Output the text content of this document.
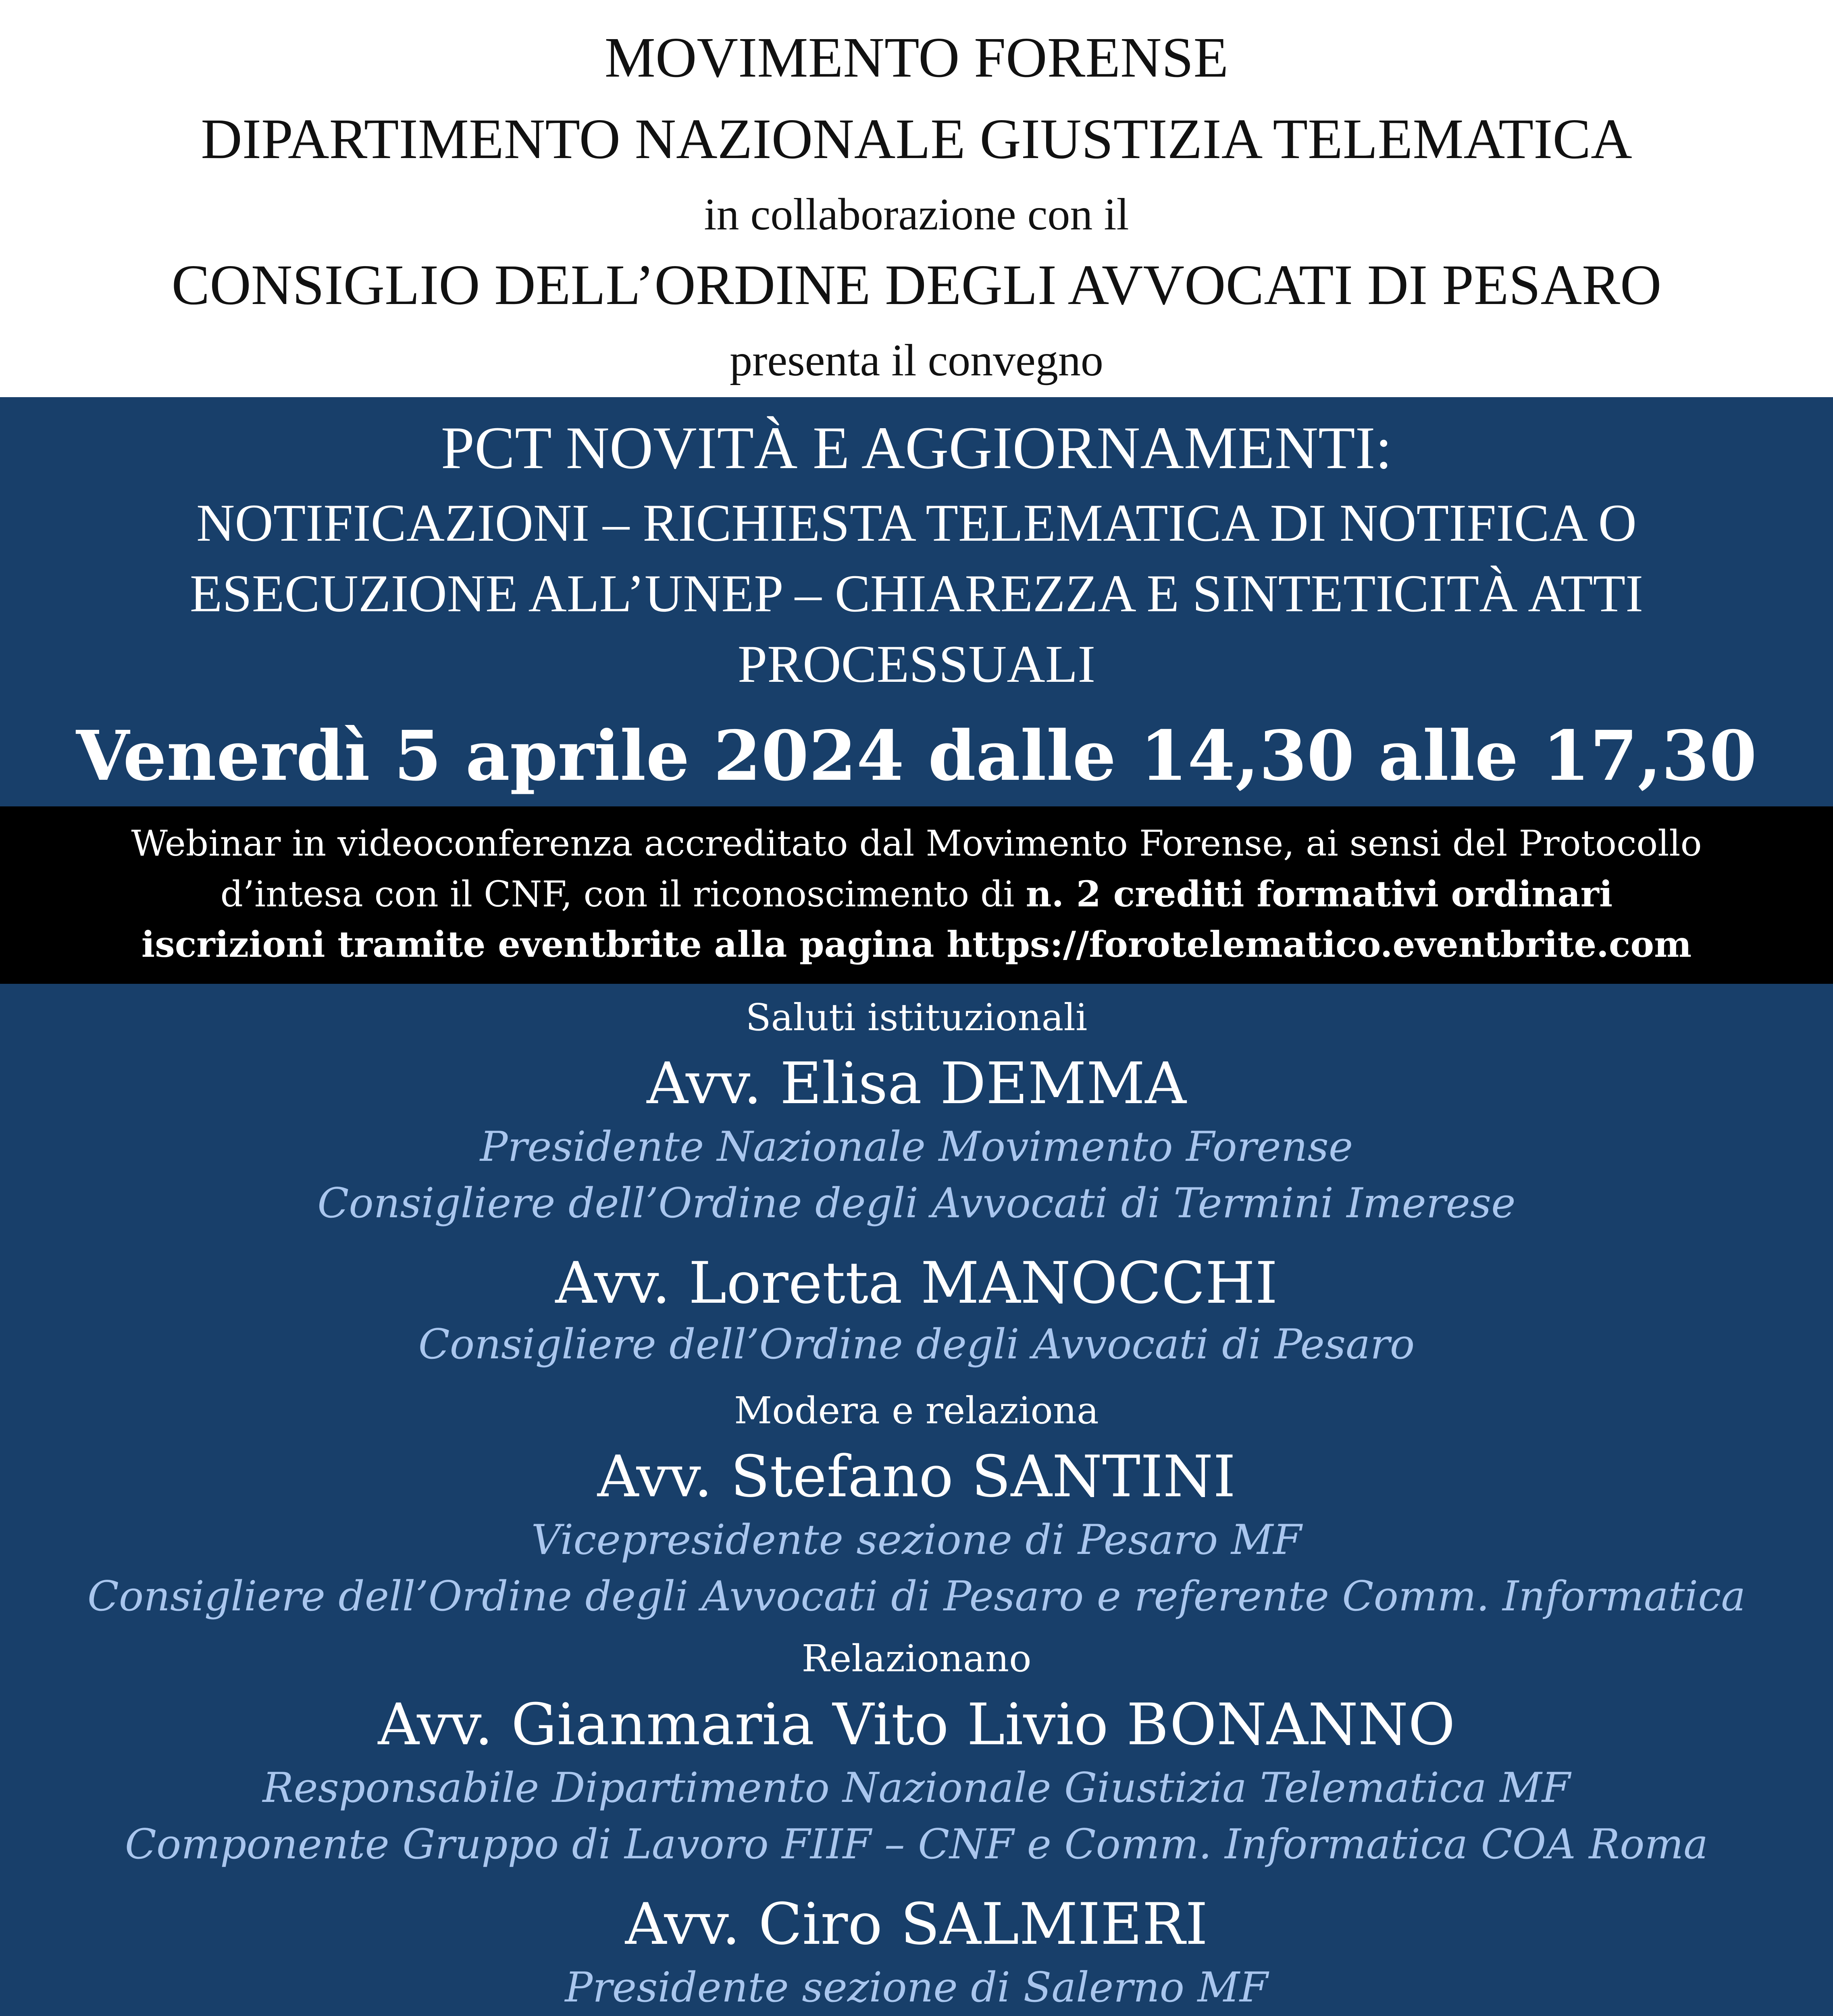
MOVIMENTO FORENSE
DIPARTIMENTO NAZIONALE GIUSTIZIA TELEMATICA
in collaborazione con il
CONSIGLIO DELL’ORDINE DEGLI AVVOCATI DI PESARO
presenta il convegno
PCT NOVITÀ E AGGIORNAMENTI:
NOTIFICAZIONI – RICHIESTA TELEMATICA DI NOTIFICA O
ESECUZIONE ALL’UNEP – CHIAREZZA E SINTETICITÀ ATTI
PROCESSUALI
Venerdì 5 aprile 2024 dalle 14,30 alle 17,30
Webinar in videoconferenza accreditato dal Movimento Forense, ai sensi del Protocollo
d’intesa con il CNF, con il riconoscimento di n. 2 crediti formativi ordinari
iscrizioni tramite eventbrite alla pagina https://forotelematico.eventbrite.com
Saluti istituzionali
Avv. Elisa DEMMA
Presidente Nazionale Movimento Forense
Consigliere dell’Ordine degli Avvocati di Termini Imerese
Avv. Loretta MANOCCHI
Consigliere dell’Ordine degli Avvocati di Pesaro
Modera e relaziona
Avv. Stefano SANTINI
Vicepresidente sezione di Pesaro MF
Consigliere dell’Ordine degli Avvocati di Pesaro e referente Comm. Informatica
Relazionano
Avv. Gianmaria Vito Livio BONANNO
Responsabile Dipartimento Nazionale Giustizia Telematica MF
Componente Gruppo di Lavoro FIIF – CNF e Comm. Informatica COA Roma
Avv. Ciro SALMIERI
Presidente sezione di Salerno MF
